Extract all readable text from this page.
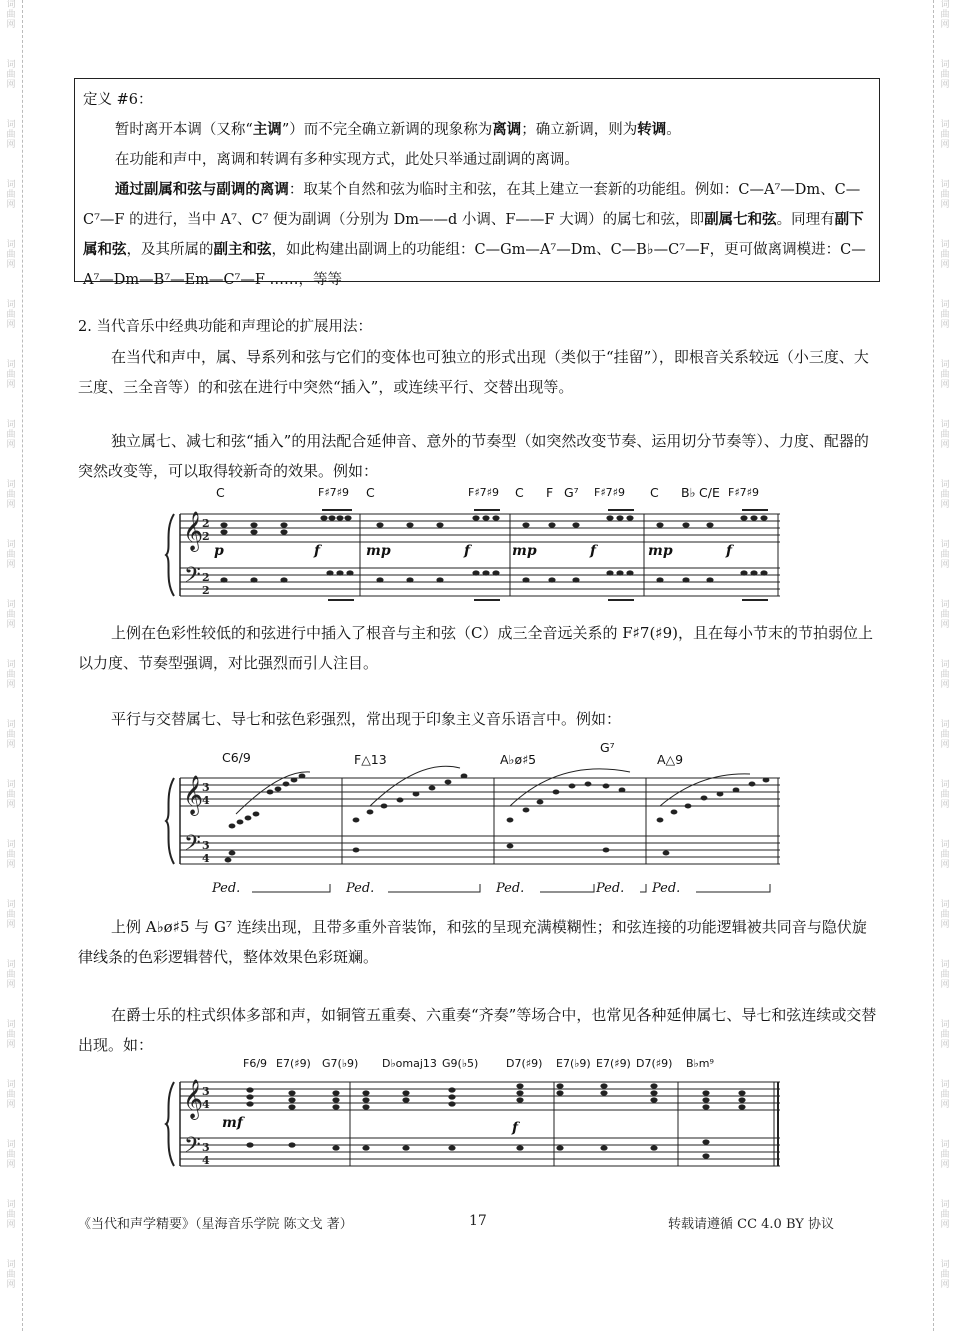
词曲网
词曲网
词曲网
词曲网
词曲网
词曲网
词曲网
词曲网
词曲网
词曲网
词曲网
词曲网
词曲网
词曲网
词曲网
词曲网
词曲网
词曲网
词曲网
词曲网
词曲网
词曲网
词曲网
词曲网
词曲网
词曲网
词曲网
词曲网
词曲网
词曲网
词曲网
词曲网
词曲网
词曲网
词曲网
词曲网
词曲网
词曲网
词曲网
词曲网
词曲网
词曲网
词曲网
词曲网

定义 #6：

暂时离开本调（又称“主调”）而不完全确立新调的现象称为离调；确立新调，则为转调。

在功能和声中，离调和转调有多种实现方式，此处只举通过副调的离调。

通过副属和弦与副调的离调：取某个自然和弦为临时主和弦，在其上建立一套新的功能组。例如：C—A⁷—Dm、C—C⁷—F 的进行，当中 A⁷、C⁷ 便为副调（分别为 Dm——d 小调、F——F 大调）的属七和弦，即副属七和弦。同理有副下属和弦，及其所属的副主和弦，如此构建出副调上的功能组：C—Gm—A⁷—Dm、C—B♭—C⁷—F，更可做离调模进：C—A⁷—Dm—B⁷—Em—C⁷—F ……，等等

2. 当代音乐中经典功能和声理论的扩展用法：

在当代和声中，属、导系列和弦与它们的变体也可独立的形式出现（类似于“挂留”），即根音关系较远（小三度、大三度、三全音等）的和弦在进行中突然“插入”，或连续平行、交替出现等。

独立属七、减七和弦“插入”的用法配合延伸音、意外的节奏型（如突然改变节奏、运用切分节奏等）、力度、配器的突然改变等，可以取得较新奇的效果。例如：

C	F♯7♯9 C	F♯7♯9 C F G⁷ F♯7♯9 C B♭ C/E F♯7♯9
𝄞
𝄢
2
2
2
2
p	f	mp	f	mp	f	mp	f

上例在色彩性较低的和弦进行中插入了根音与主和弦（C）成三全音远关系的 F♯7(♯9)，且在每小节末的节拍弱位上以力度、节奏型强调，对比强烈而引人注目。

平行与交替属七、导七和弦色彩强烈，常出现于印象主义音乐语言中。例如：

C6/9	F△13	A♭ø♯5
G⁷
A△9
𝄞
𝄢
3
4
3
4
Ped.	Ped.	Ped.	Ped. Ped.

上例 A♭ø♯5 与 G⁷ 连续出现，且带多重外音装饰，和弦的呈现充满模糊性；和弦连接的功能逻辑被共同音与隐伏旋律线条的色彩逻辑替代，整体效果色彩斑斓。

在爵士乐的柱式织体多部和声，如铜管五重奏、六重奏“齐奏”等场合中，也常见各种延伸属七、导七和弦连续或交替出现。如：

F6/9 E7(♯9) G7(♭9) D♭omaj13 G9(♭5)	D7(♯9) E7(♭9) E7(♯9) D7(♯9) B♭m⁹
𝄞
𝄢
3
4
3
4
mf	f
《当代和声学精要》（星海音乐学院 陈文戈 著）	17	转载请遵循 CC 4.0 BY 协议
